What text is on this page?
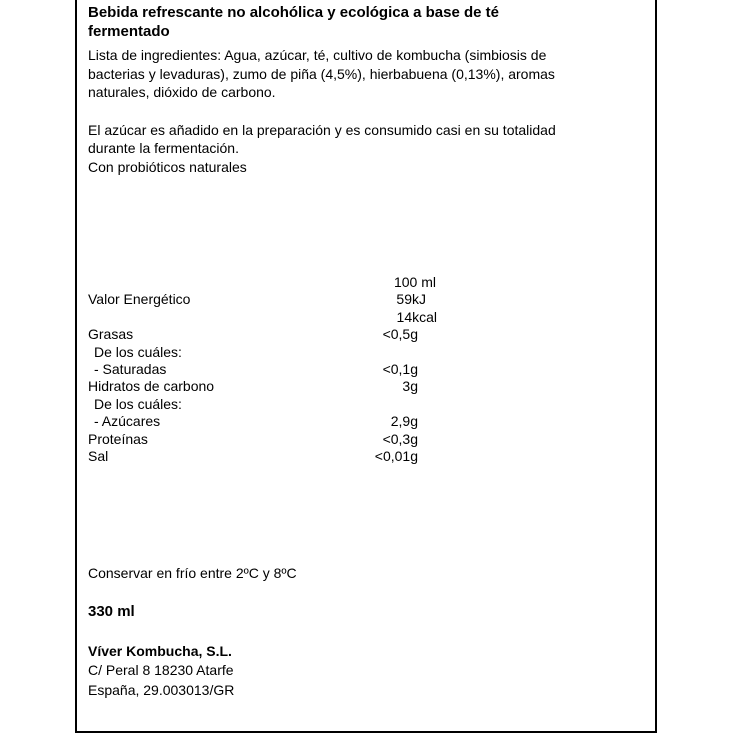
Bebida refrescante no alcohólica y ecológica a base de té
fermentado
Lista de ingredientes: Agua, azúcar, té, cultivo de kombucha (simbiosis de
bacterias y levaduras), zumo de piña (4,5%), hierbabuena (0,13%), aromas
naturales, dióxido de carbono.
El azúcar es añadido en la preparación y es consumido casi en su totalidad
durante la fermentación.
Con probióticos naturales
100 ml
Valor Energético	59kJ
14kcal
Grasas	<0,5g
De los cuáles:
- Saturadas	<0,1g
Hidratos de carbono	3g
De los cuáles:
- Azúcares	2,9g
Proteínas	<0,3g
Sal	<0,01g
Conservar en frío entre 2ºC y 8ºC
330 ml
Víver Kombucha, S.L.
C/ Peral 8 18230 Atarfe
España, 29.003013/GR
